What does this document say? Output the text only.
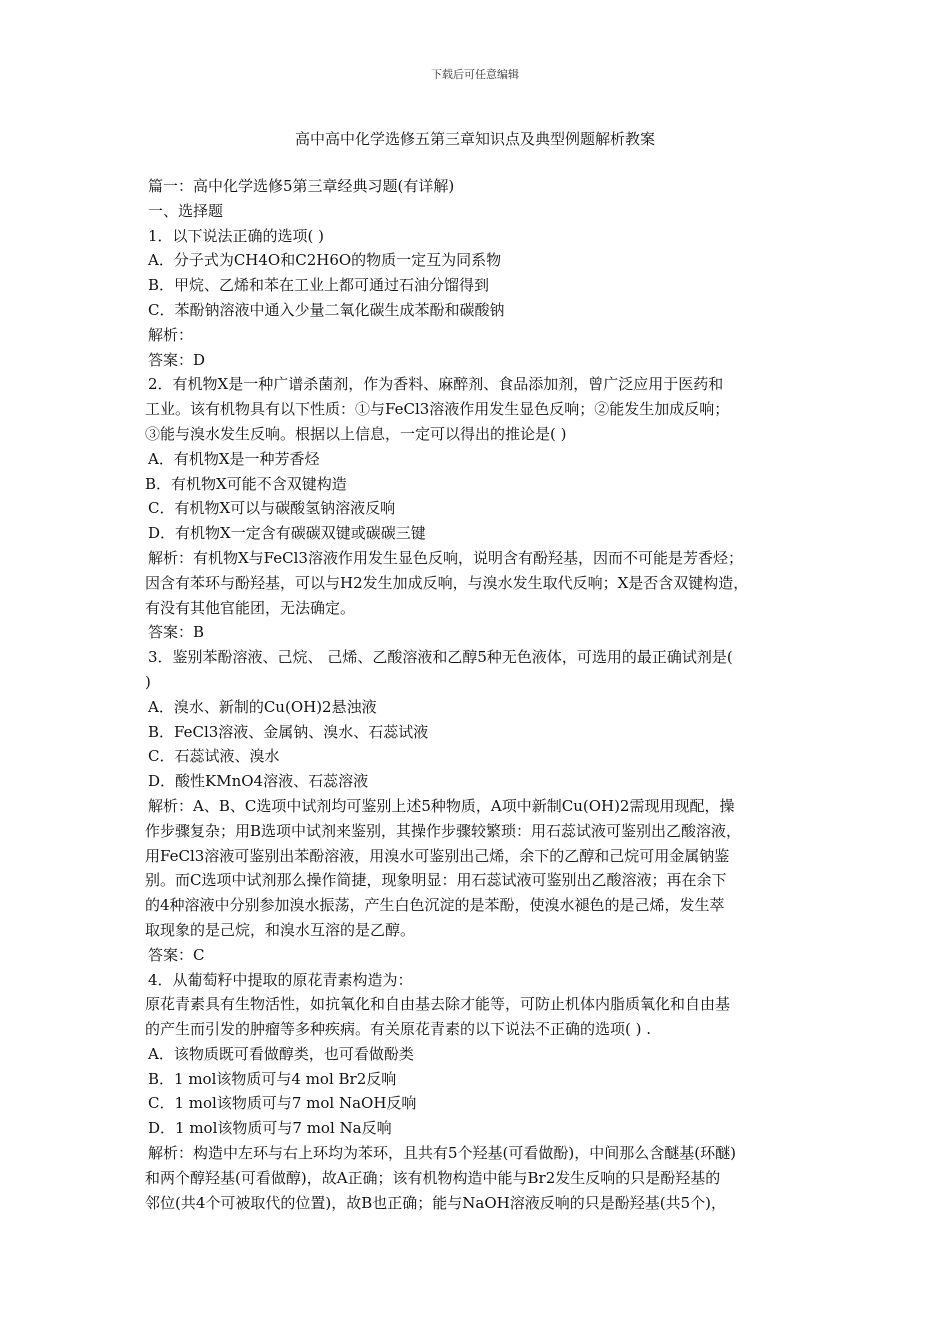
下载后可任意编辑
高中高中化学选修五第三章知识点及典型例题解析教案

篇一：高中化学选修5第三章经典习题(有详解)

一、选择题

1．以下说法正确的选项( )

A．分子式为CH4O和C2H6O的物质一定互为同系物

B．甲烷、乙烯和苯在工业上都可通过石油分馏得到

C．苯酚钠溶液中通入少量二氧化碳生成苯酚和碳酸钠

解析：

答案：D

2．有机物X是一种广谱杀菌剂，作为香料、麻醉剂、食品添加剂，曾广泛应用于医药和

工业。该有机物具有以下性质：①与FeCl3溶液作用发生显色反响；②能发生加成反响；

③能与溴水发生反响。根据以上信息，一定可以得出的推论是( )

A．有机物X是一种芳香烃

B．有机物X可能不含双键构造

C．有机物X可以与碳酸氢钠溶液反响

D．有机物X一定含有碳碳双键或碳碳三键

解析：有机物X与FeCl3溶液作用发生显色反响，说明含有酚羟基，因而不可能是芳香烃；

因含有苯环与酚羟基，可以与H2发生加成反响，与溴水发生取代反响；X是否含双键构造，

有没有其他官能团，无法确定。

答案：B

3．鉴别苯酚溶液、己烷、 己烯、乙酸溶液和乙醇5种无色液体，可选用的最正确试剂是(

)

A．溴水、新制的Cu(OH)2悬浊液

B．FeCl3溶液、金属钠、溴水、石蕊试液

C．石蕊试液、溴水

D．酸性KMnO4溶液、石蕊溶液

解析：A、B、C选项中试剂均可鉴别上述5种物质，A项中新制Cu(OH)2需现用现配，操

作步骤复杂；用B选项中试剂来鉴别，其操作步骤较繁琐：用石蕊试液可鉴别出乙酸溶液，

用FeCl3溶液可鉴别出苯酚溶液，用溴水可鉴别出己烯，余下的乙醇和己烷可用金属钠鉴

别。而C选项中试剂那么操作简捷，现象明显：用石蕊试液可鉴别出乙酸溶液；再在余下

的4种溶液中分别参加溴水振荡，产生白色沉淀的是苯酚，使溴水褪色的是己烯，发生萃

取现象的是己烷，和溴水互溶的是乙醇。

答案：C

4．从葡萄籽中提取的原花青素构造为：

原花青素具有生物活性，如抗氧化和自由基去除才能等，可防止机体内脂质氧化和自由基

的产生而引发的肿瘤等多种疾病。有关原花青素的以下说法不正确的选项( ) .

A．该物质既可看做醇类，也可看做酚类

B．1 mol该物质可与4 mol Br2反响

C．1 mol该物质可与7 mol NaOH反响

D．1 mol该物质可与7 mol Na反响

解析：构造中左环与右上环均为苯环，且共有5个羟基(可看做酚)，中间那么含醚基(环醚)

和两个醇羟基(可看做醇)，故A正确；该有机物构造中能与Br2发生反响的只是酚羟基的

邻位(共4个可被取代的位置)，故B也正确；能与NaOH溶液反响的只是酚羟基(共5个)，
